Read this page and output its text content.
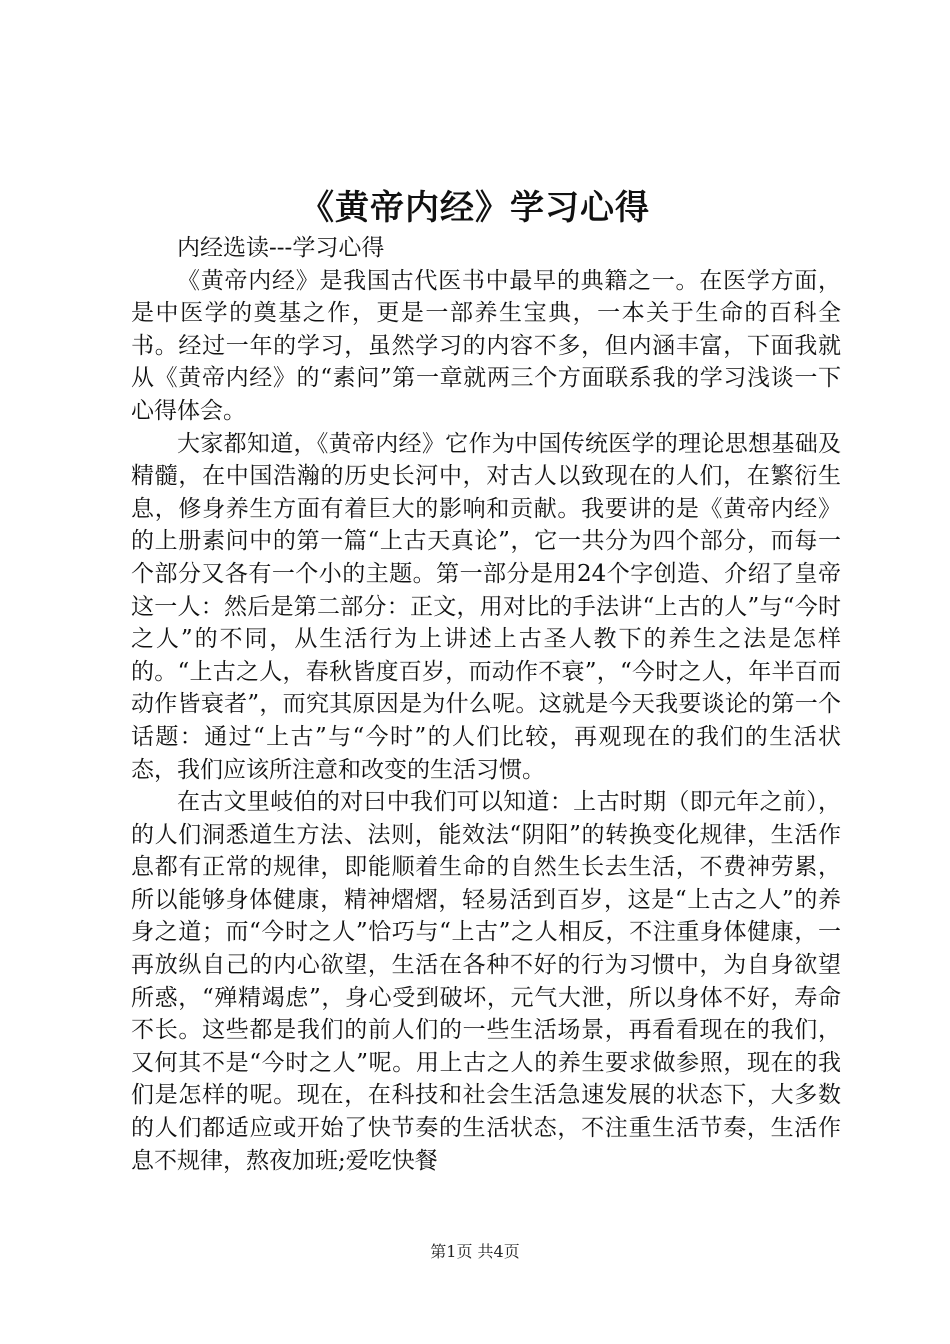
《黄帝内经》学习心得

内经选读---学习心得

《黄帝内经》是我国古代医书中最早的典籍之一。在医学方面，是中医学的奠基之作，更是一部养生宝典，一本关于生命的百科全书。经过一年的学习，虽然学习的内容不多，但内涵丰富，下面我就从《黄帝内经》的“素问”第一章就两三个方面联系我的学习浅谈一下心得体会。

大家都知道，《黄帝内经》它作为中国传统医学的理论思想基础及精髓，在中国浩瀚的历史长河中，对古人以致现在的人们，在繁衍生息，修身养生方面有着巨大的影响和贡献。我要讲的是《黄帝内经》的上册素问中的第一篇“上古天真论”，它一共分为四个部分，而每一个部分又各有一个小的主题。第一部分是用24个字创造、介绍了皇帝这一人：然后是第二部分：正文，用对比的手法讲“上古的人”与“今时之人”的不同，从生活行为上讲述上古圣人教下的养生之法是怎样的。“上古之人，春秋皆度百岁，而动作不衰”，“今时之人，年半百而动作皆衰者”，而究其原因是为什么呢。这就是今天我要谈论的第一个话题：通过“上古”与“今时”的人们比较，再观现在的我们的生活状态，我们应该所注意和改变的生活习惯。

在古文里岐伯的对曰中我们可以知道：上古时期（即元年之前），的人们洞悉道生方法、法则，能效法“阴阳”的转换变化规律，生活作息都有正常的规律，即能顺着生命的自然生长去生活，不费神劳累，所以能够身体健康，精神熠熠，轻易活到百岁，这是“上古之人”的养身之道；而“今时之人”恰巧与“上古”之人相反，不注重身体健康，一再放纵自己的内心欲望，生活在各种不好的行为习惯中，为自身欲望所惑，“殚精竭虑”，身心受到破坏，元气大泄，所以身体不好，寿命不长。这些都是我们的前人们的一些生活场景，再看看现在的我们，又何其不是“今时之人”呢。用上古之人的养生要求做参照，现在的我们是怎样的呢。现在，在科技和社会生活急速发展的状态下，大多数的人们都适应或开始了快节奏的生活状态，不注重生活节奏，生活作息不规律，熬夜加班;爱吃快餐

第1页 共4页
